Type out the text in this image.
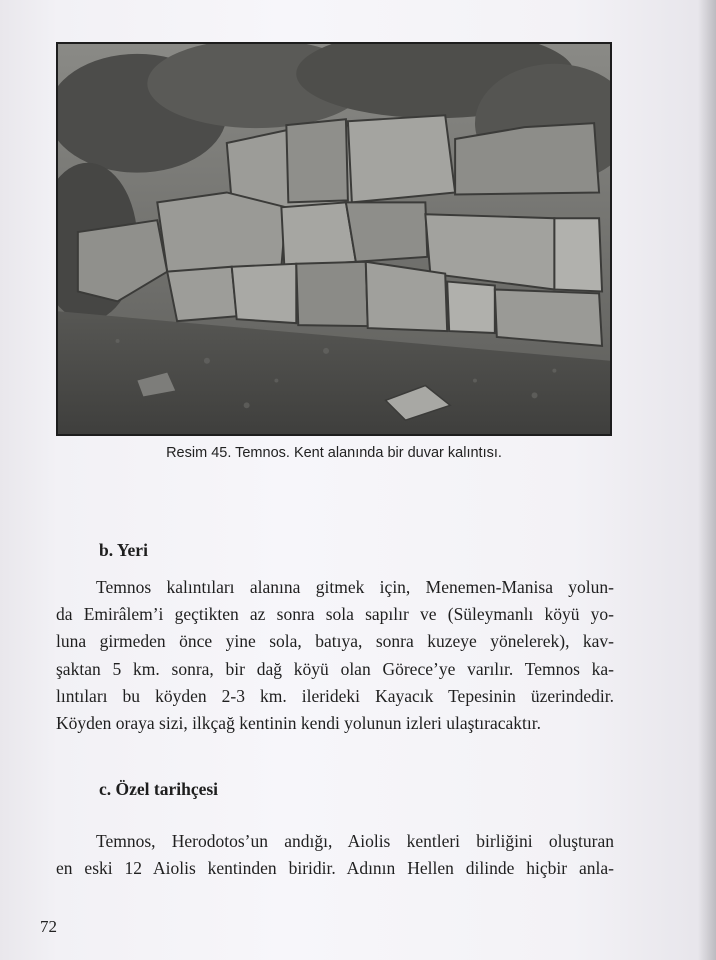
Resim 45. Temnos. Kent alanında bir duvar kalıntısı.
b. Yeri
Temnos kalıntıları alanına gitmek için, Menemen-Manisa yolun-
da Emirâlem’i geçtikten az sonra sola sapılır ve (Süleymanlı köyü yo-
luna girmeden önce yine sola, batıya, sonra kuzeye yönelerek), kav-
şaktan 5 km. sonra, bir dağ köyü olan Görece’ye varılır. Temnos ka-
lıntıları bu köyden 2-3 km. ilerideki Kayacık Tepesinin üzerindedir.
Köyden oraya sizi, ilkçağ kentinin kendi yolunun izleri ulaştıracaktır.
c. Özel tarihçesi
Temnos, Herodotos’un andığı, Aiolis kentleri birliğini oluşturan
en eski 12 Aiolis kentinden biridir. Adının Hellen dilinde hiçbir anla-
72
